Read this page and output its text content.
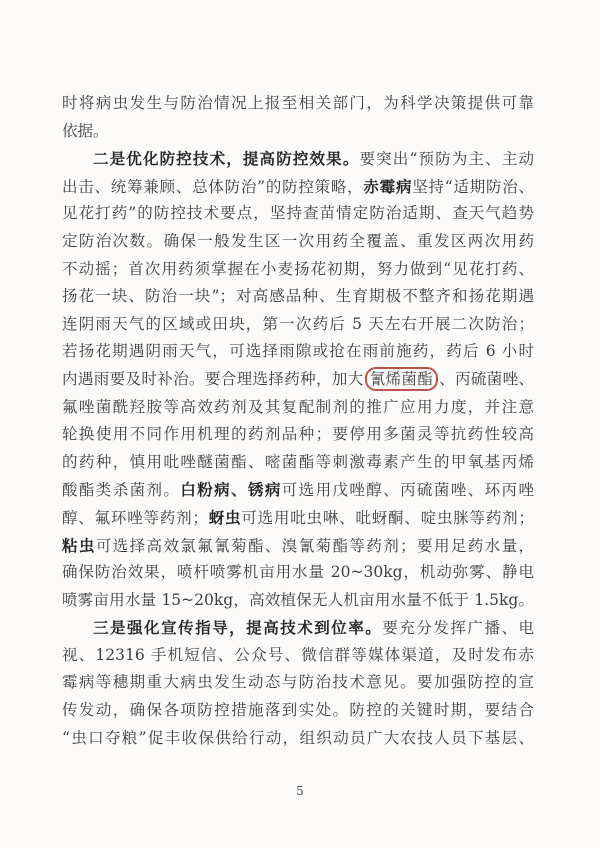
时将病虫发生与防治情况上报至相关部门，为科学决策提供可靠
依据。
二是优化防控技术，提高防控效果。要突出“预防为主、主动
出击、统筹兼顾、总体防治”的防控策略，赤霉病坚持“适期防治、
见花打药”的防控技术要点，坚持查苗情定防治适期、查天气趋势
定防治次数。确保一般发生区一次用药全覆盖、重发区两次用药
不动摇；首次用药须掌握在小麦扬花初期，努力做到“见花打药、
扬花一块、防治一块”；对高感品种、生育期极不整齐和扬花期遇
连阴雨天气的区域或田块，第一次药后 5 天左右开展二次防治；
若扬花期遇阴雨天气，可选择雨隙或抢在雨前施药，药后 6 小时
内遇雨要及时补治。要合理选择药种，加大 氰烯菌酯 、丙硫菌唑、
氟唑菌酰羟胺等高效药剂及其复配制剂的推广应用力度，并注意
轮换使用不同作用机理的药剂品种；要停用多菌灵等抗药性较高
的药种，慎用吡唑醚菌酯、嘧菌酯等刺激毒素产生的甲氧基丙烯
酸酯类杀菌剂。白粉病、锈病可选用戊唑醇、丙硫菌唑、环丙唑
醇、氟环唑等药剂；蚜虫可选用吡虫啉、吡蚜酮、啶虫脒等药剂；
粘虫可选择高效氯氟氰菊酯、溴氰菊酯等药剂；要用足药水量，
确保防治效果，喷杆喷雾机亩用水量 20~30kg，机动弥雾、静电
喷雾亩用水量 15~20kg，高效植保无人机亩用水量不低于 1.5kg。
三是强化宣传指导，提高技术到位率。要充分发挥广播、电
视、12316 手机短信、公众号、微信群等媒体渠道，及时发布赤
霉病等穗期重大病虫发生动态与防治技术意见。要加强防控的宣
传发动，确保各项防控措施落到实处。防控的关键时期，要结合
“虫口夺粮”促丰收保供给行动，组织动员广大农技人员下基层、
5
